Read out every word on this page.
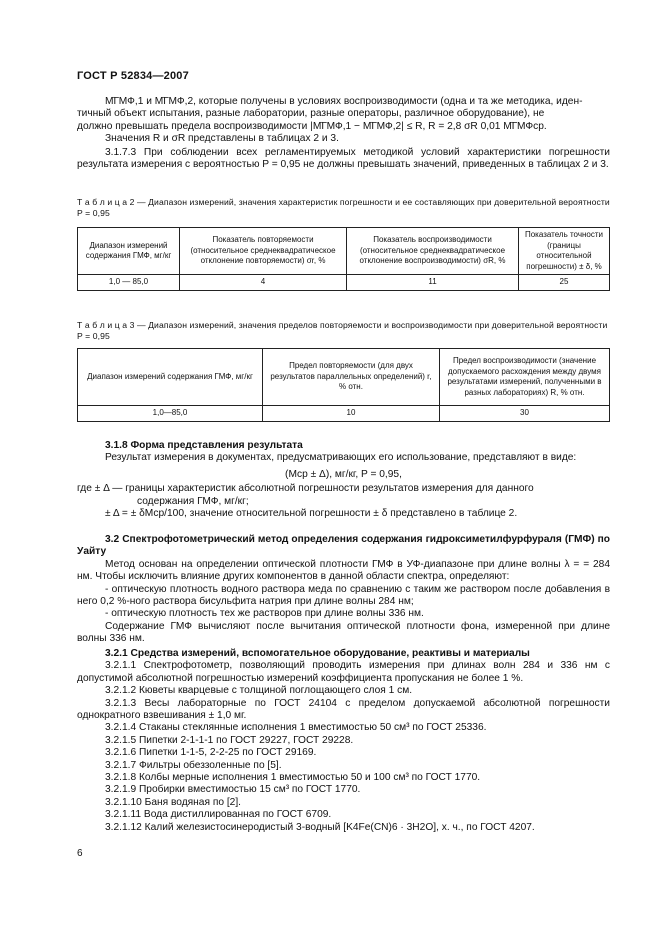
ГОСТ Р 52834—2007

М̄ГМФ,1 и М̄ГМФ,2, которые получены в условиях воспроизводимости (одна и та же методика, иден-

тичный объект испытания, разные лаборатории, разные операторы, различное оборудование), не

должно превышать предела воспроизводимости |М̄ГМФ,1 − М̄ГМФ,2| ≤ R, R = 2,8 σR 0,01 М̄ГМФср.

Значения R и σR представлены в таблицах 2 и 3.

3.1.7.3 При соблюдении всех регламентируемых методикой условий характеристики погрешности результата измерения с вероятностью P = 0,95 не должны превышать значений, приведенных в таблицах 2 и 3.

Т а б л и ц а 2 — Диапазон измерений, значения характеристик погрешности и ее составляющих при доверительной вероятности P = 0,95
Диапазон измерений содержания ГМФ, мг/кг	Показатель повторяемости (относительное среднеквадратическое отклонение повторяемости) σr, %	Показатель воспроизводимости (относительное среднеквадратическое отклонение воспроизводимости) σR, %	Показатель точности (границы относительной погрешности) ± δ, %
1,0 — 85,0	4	11	25
Т а б л и ц а 3 — Диапазон измерений, значения пределов повторяемости и воспроизводимости при доверительной вероятности P = 0,95
Диапазон измерений содержания ГМФ, мг/кг	Предел повторяемости (для двух результатов параллельных определений) r, % отн.	Предел воспроизводимости (значение допускаемого расхождения между двумя результатами измерений, полученными в разных лабораториях) R, % отн.
1,0—85,0	10	30

3.1.8 Форма представления результата

Результат измерения в документах, предусматривающих его использование, представляют в виде:

(Мср ± Δ), мг/кг, P = 0,95,

где ± Δ — границы характеристик абсолютной погрешности результатов измерения для данного

содержания ГМФ, мг/кг;

± Δ = ± δМср/100, значение относительной погрешности ± δ представлено в таблице 2.

3.2 Спектрофотометрический метод определения содержания гидроксиметилфурфураля (ГМФ) по Уайту

Метод основан на определении оптической плотности ГМФ в УФ-диапазоне при длине волны λ = = 284 нм. Чтобы исключить влияние других компонентов в данной области спектра, определяют:

- оптическую плотность водного раствора меда по сравнению с таким же раствором после добавления в него 0,2 %-ного раствора бисульфита натрия при длине волны 284 нм;

- оптическую плотность тех же растворов при длине волны 336 нм.

Содержание ГМФ вычисляют после вычитания оптической плотности фона, измеренной при длине волны 336 нм.

3.2.1 Средства измерений, вспомогательное оборудование, реактивы и материалы

3.2.1.1 Спектрофотометр, позволяющий проводить измерения при длинах волн 284 и 336 нм с допустимой абсолютной погрешностью измерений коэффициента пропускания не более 1 %.

3.2.1.2 Кюветы кварцевые с толщиной поглощающего слоя 1 см.

3.2.1.3 Весы лабораторные по ГОСТ 24104 с пределом допускаемой абсолютной погрешности однократного взвешивания ± 1,0 мг.

3.2.1.4 Стаканы стеклянные исполнения 1 вместимостью 50 см³ по ГОСТ 25336.

3.2.1.5 Пипетки 2-1-1-1 по ГОСТ 29227, ГОСТ 29228.

3.2.1.6 Пипетки 1-1-5, 2-2-25 по ГОСТ 29169.

3.2.1.7 Фильтры обеззоленные по [5].

3.2.1.8 Колбы мерные исполнения 1 вместимостью 50 и 100 см³ по ГОСТ 1770.

3.2.1.9 Пробирки вместимостью 15 см³ по ГОСТ 1770.

3.2.1.10 Баня водяная по [2].

3.2.1.11 Вода дистиллированная по ГОСТ 6709.

3.2.1.12 Калий железистосинеродистый 3-водный [K4Fe(CN)6 · 3H2O], х. ч., по ГОСТ 4207.

6
